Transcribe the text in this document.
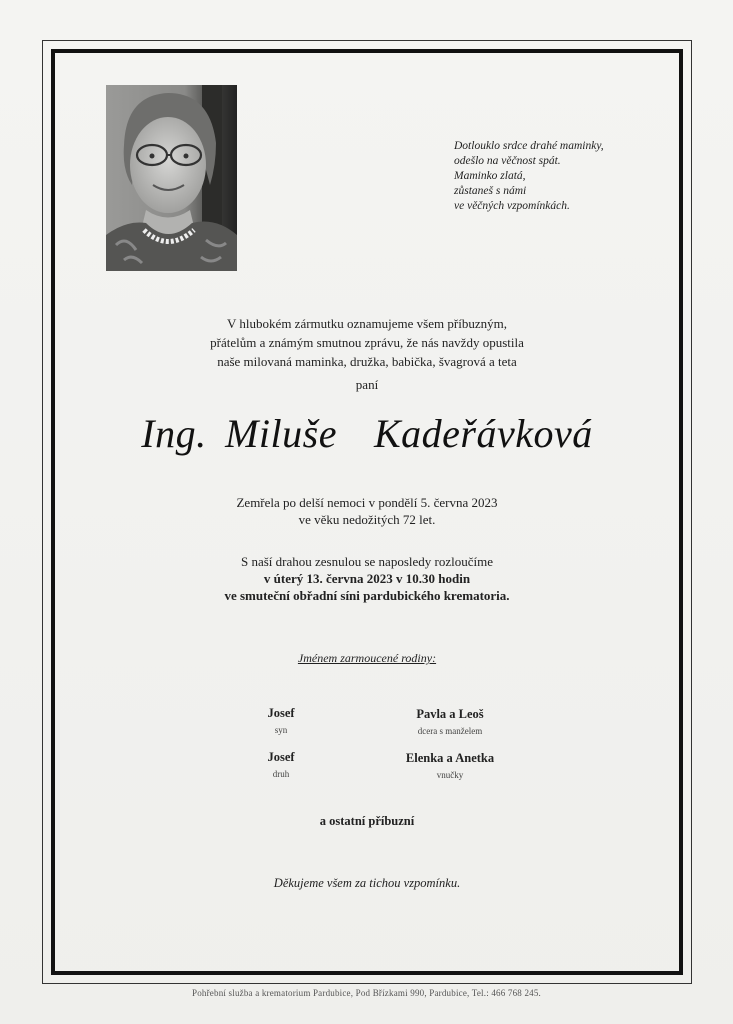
Dotlouklo srdce drahé maminky,
odešlo na věčnost spát.
Maminko zlatá,
zůstaneš s námi
ve věčných vzpomínkách.
V hlubokém zármutku oznamujeme všem příbuzným,
přátelům a známým smutnou zprávu, že nás navždy opustila
naše milovaná maminka, družka, babička, švagrová a teta
paní
Ing. Miluše  Kadeřávková
Zemřela po delší nemoci v pondělí 5. června 2023
ve věku nedožitých 72 let.
S naší drahou zesnulou se naposledy rozloučíme
v úterý 13. června 2023 v 10.30 hodin
ve smuteční obřadní síni pardubického krematoria.
Jménem zarmoucené rodiny:
Josef
syn
Pavla a Leoš
dcera s manželem
Josef
druh
Elenka a Anetka
vnučky
a ostatní příbuzní
Děkujeme všem za tichou vzpomínku.
Pohřební služba a krematorium Pardubice, Pod Břízkami 990, Pardubice, Tel.: 466 768 245.
